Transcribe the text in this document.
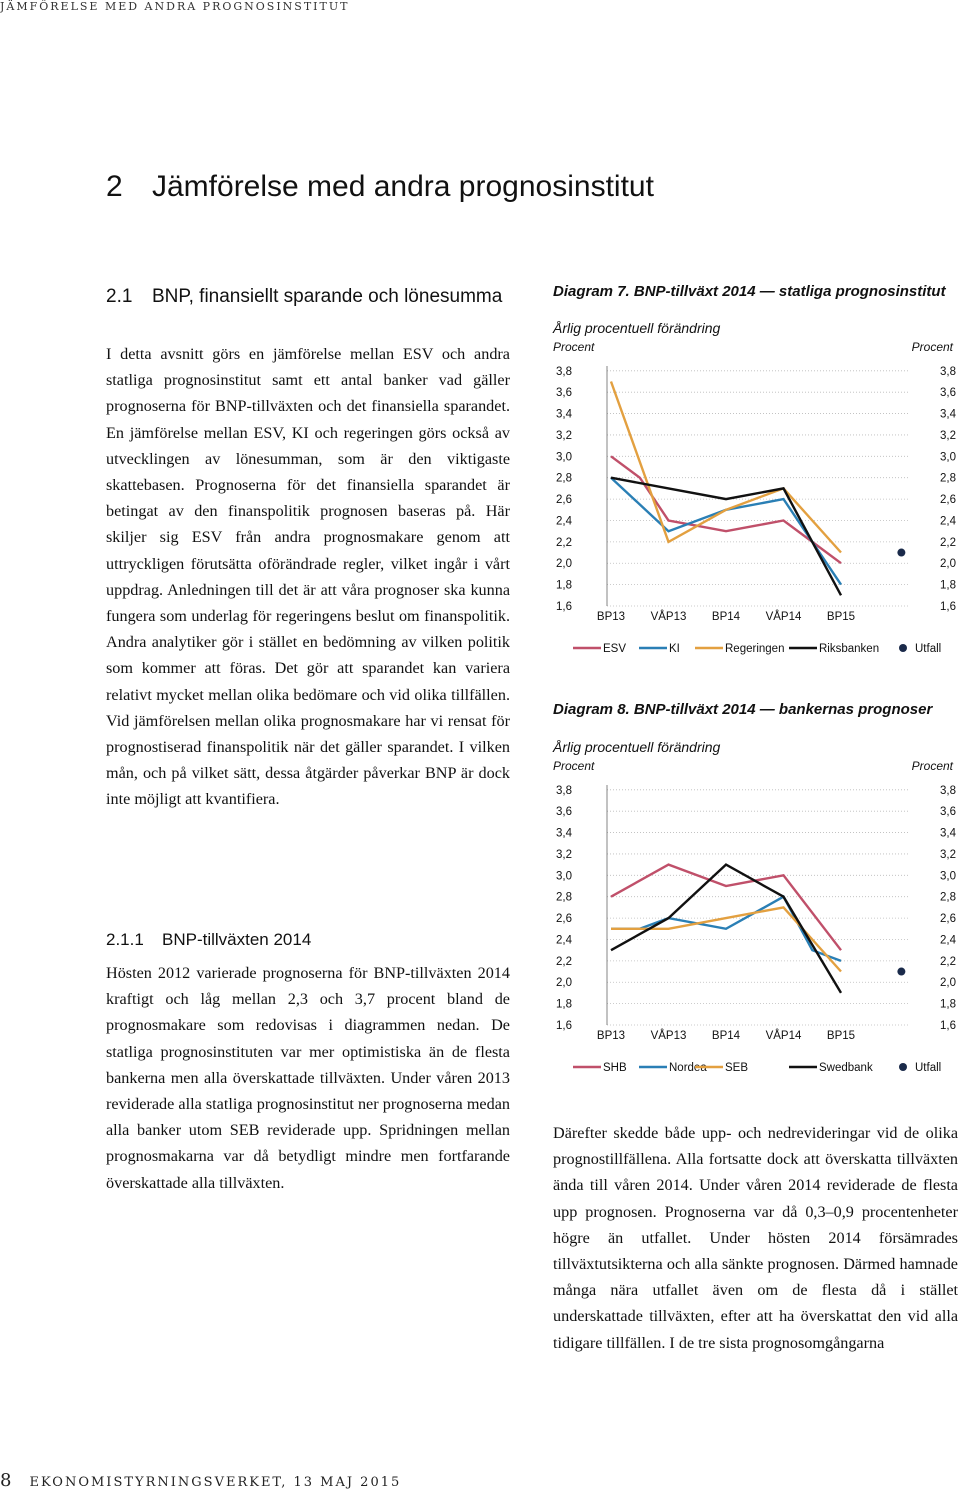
JÄMFÖRELSE MED ANDRA PROGNOSINSTITUT
2 Jämförelse med andra prognosinstitut
2.1 BNP, finansiellt sparande och lönesumma

I detta avsnitt görs en jämförelse mellan ESV och andra statliga prognosinstitut samt ett antal banker vad gäller prognoserna för BNP-tillväxten och det finansiella sparandet. En jämförelse mellan ESV, KI och regeringen görs också av utvecklingen av lönesumman, som är den viktigaste skattebasen. Prognoserna för det finansiella sparandet är betingat av den finanspolitik prognosen baseras på. Här skiljer sig ESV från andra prognosmakare genom att uttryckligen förutsätta oförändrade regler, vilket ingår i vårt uppdrag. Anledningen till det är att våra prognoser ska kunna fungera som underlag för regeringens beslut om finanspolitik. Andra analytiker gör i stället en bedömning av vilken politik som kommer att föras. Det gör att sparandet kan variera relativt mycket mellan olika bedömare och vid olika tillfällen. Vid jämförelsen mellan olika prognosmakare har vi rensat för prognostiserad finanspolitik när det gäller sparandet. I vilken mån, och på vilket sätt, dessa åtgärder påverkar BNP är dock inte möjligt att kvantifiera.

2.1.1 BNP-tillväxten 2014

Hösten 2012 varierade prognoserna för BNP-tillväxten 2014 kraftigt och låg mellan 2,3 och 3,7 procent bland de prognosmakare som redovisas i diagrammen nedan. De statliga prognosinstituten var mer optimistiska än de flesta bankerna men alla överskattade tillväxten. Under våren 2013 reviderade alla statliga prognosinstitut ner prognoserna medan alla banker utom SEB reviderade upp. Spridningen mellan prognosmakarna var då betydligt mindre men fortfarande överskattade alla tillväxten.

Diagram 7. BNP-tillväxt 2014 — statliga prognosinstitut
Årlig procentuell förändring
Procent	Procent
1,6	1,6
1,8	1,8
2,0	2,0
2,2	2,2
2,4	2,4
2,6	2,6
2,8	2,8
3,0	3,0
3,2	3,2
3,4	3,4
3,6	3,6
3,8	3,8
BP13 VÅP13 BP14 VÅP14 BP15
ESV	KI	Regeringen	Riksbanken	Utfall
Diagram 8. BNP-tillväxt 2014 — bankernas prognoser
Årlig procentuell förändring
Procent	Procent
1,6	1,6
1,8	1,8
2,0	2,0
2,2	2,2
2,4	2,4
2,6	2,6
2,8	2,8
3,0	3,0
3,2	3,2
3,4	3,4
3,6	3,6
3,8	3,8
BP13 VÅP13 BP14 VÅP14 BP15
SHB	Nordea SEB	Swedbank	Utfall

Därefter skedde både upp- och nedrevideringar vid de olika prognostillfällena. Alla fortsatte dock att överskatta tillväxten ända till våren 2014. Under våren 2014 reviderade de flesta upp prognosen. Prognoserna var då 0,3–0,9 procentenheter högre än utfallet. Under hösten 2014 försämrades tillväxtutsikterna och alla sänkte prognosen. Därmed hamnade många nära utfallet även om de flesta då i stället underskattade tillväxten, efter att ha överskattat den vid alla tidigare tillfällen. I de tre sista prognosomgångarna

8 EKONOMISTYRNINGSVERKET, 13 MAJ 2015
